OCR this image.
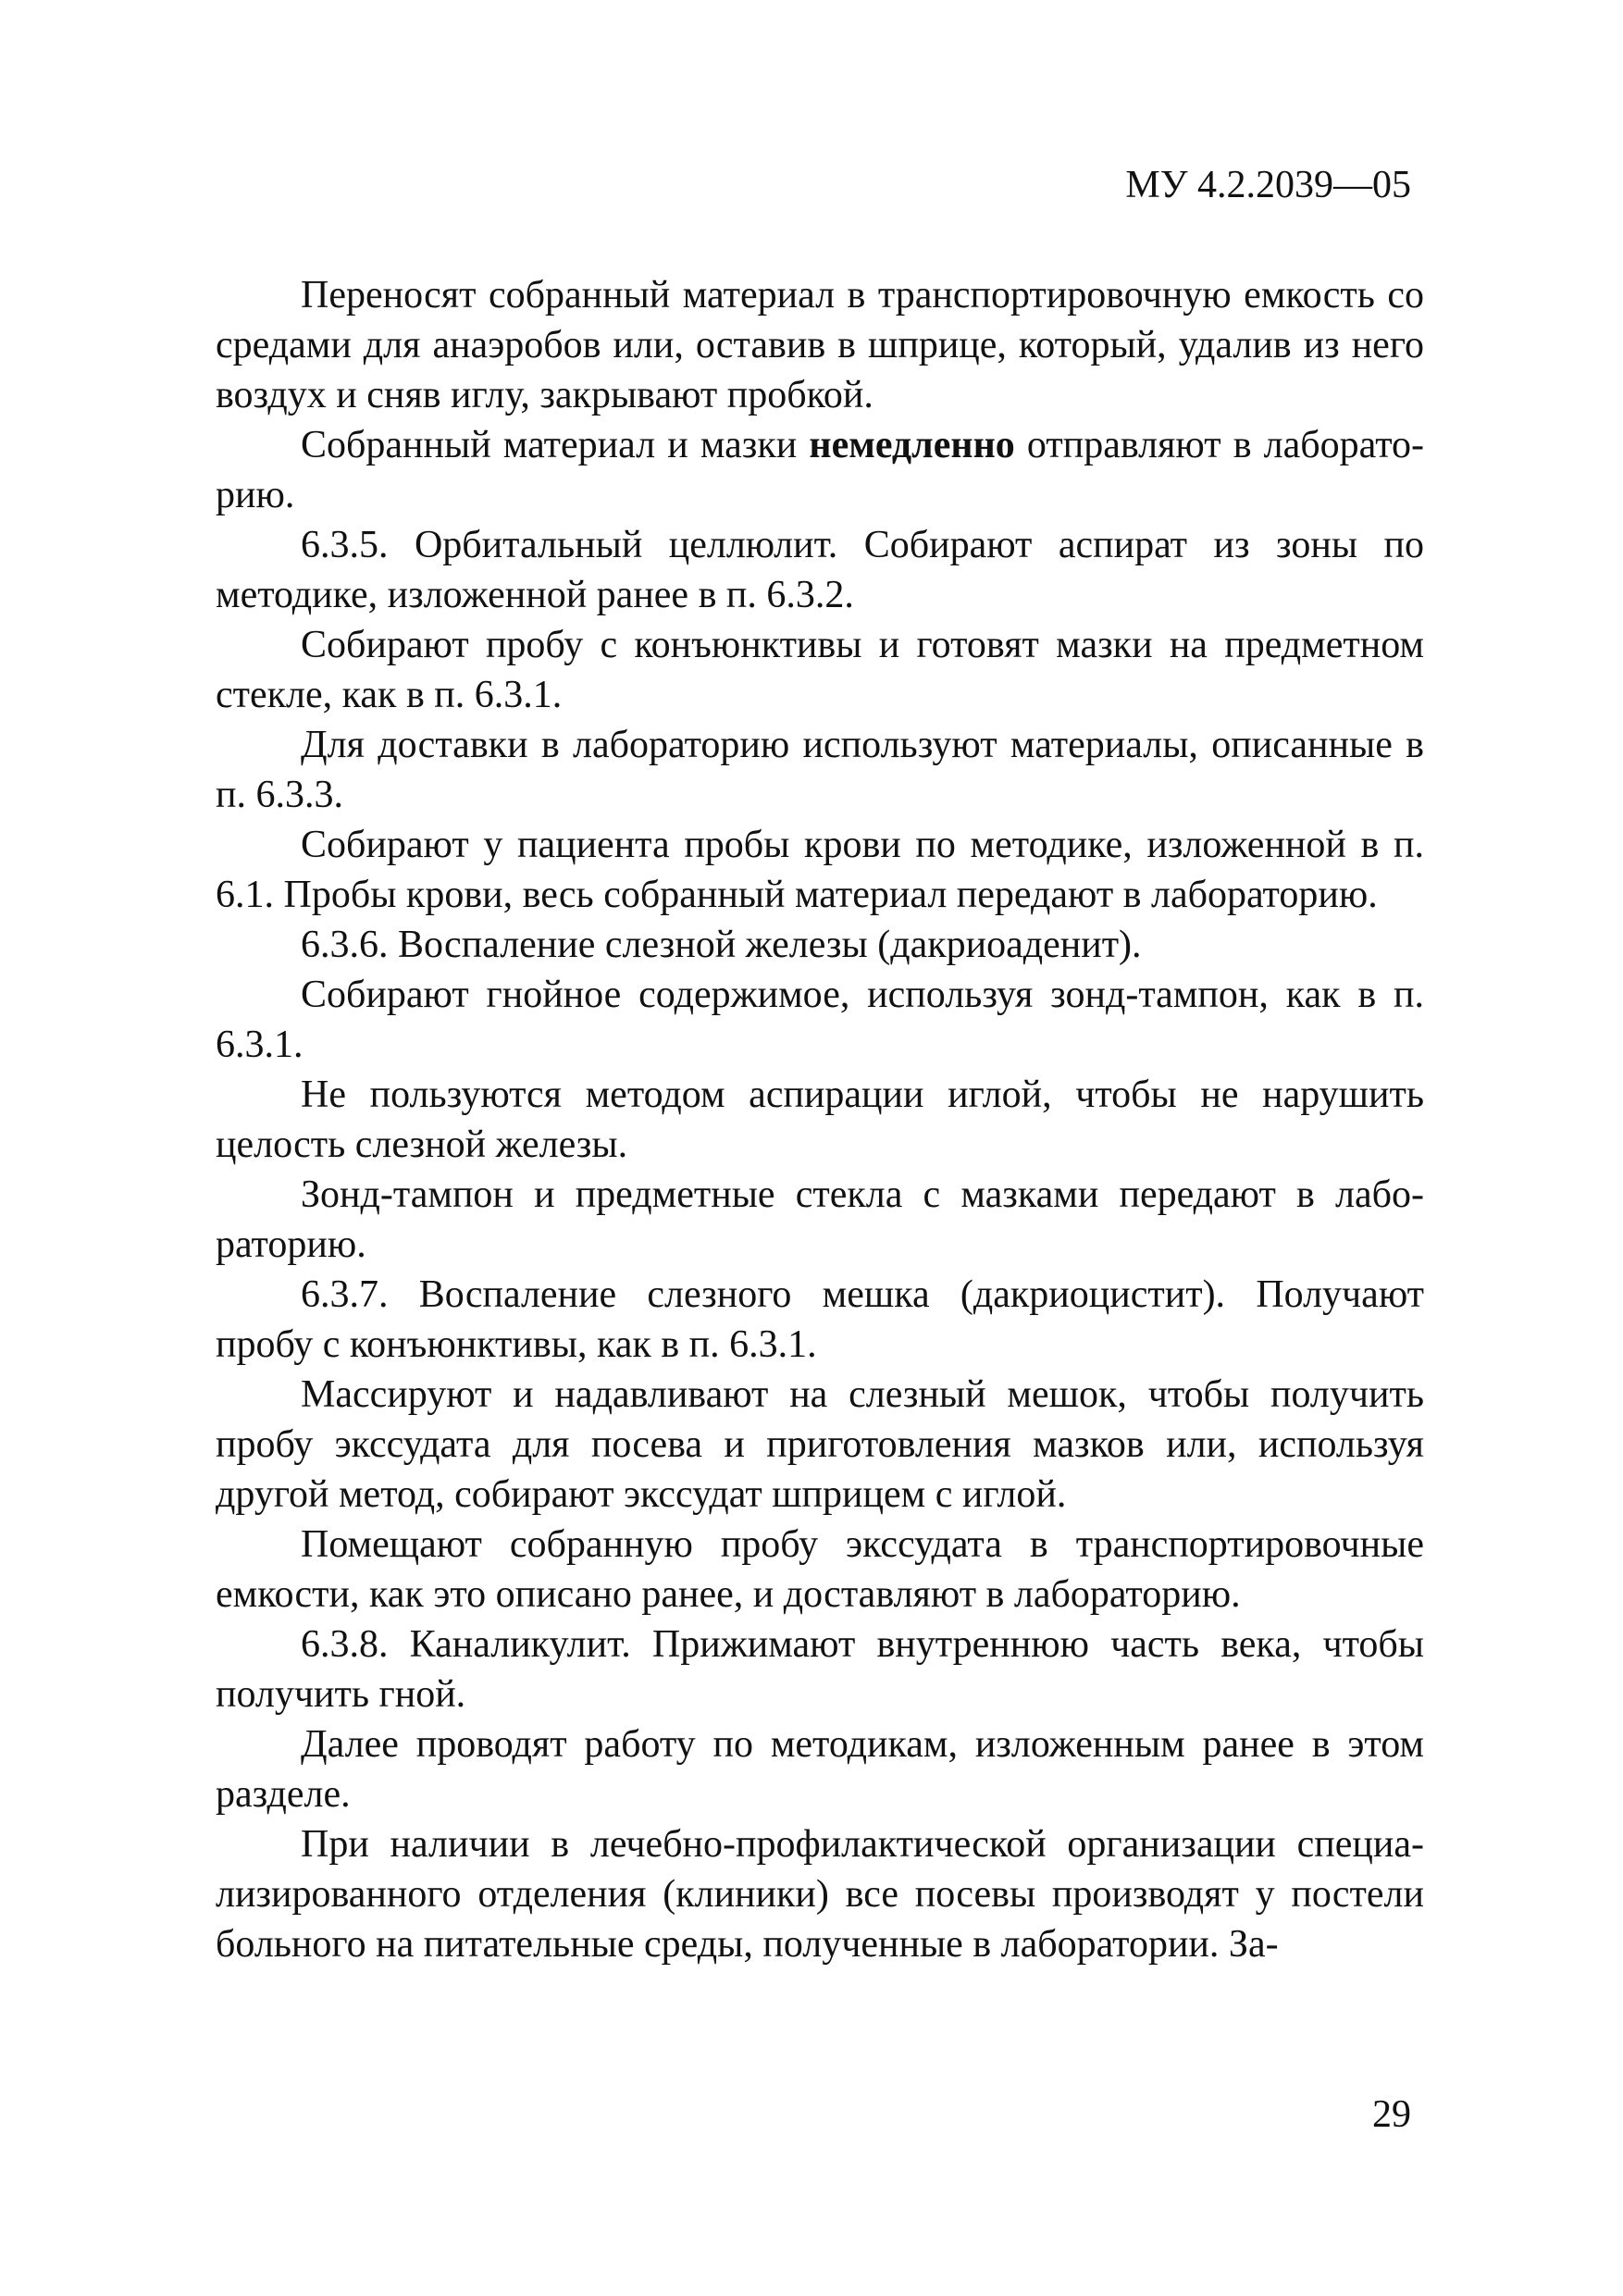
МУ 4.2.2039—05

Переносят собранный материал в транспортировочную емкость со средами для анаэробов или, оставив в шприце, который, удалив из него воздух и сняв иглу, закрывают пробкой.

Собранный материал и мазки немедленно отправляют в лабораторию.

6.3.5. Орбитальный целлюлит. Собирают аспират из зоны по методике, изложенной ранее в п. 6.3.2.

Собирают пробу с конъюнктивы и готовят мазки на предметном стекле, как в п. 6.3.1.

Для доставки в лабораторию используют материалы, описанные в п. 6.3.3.

Собирают у пациента пробы крови по методике, изложенной в п. 6.1. Пробы крови, весь собранный материал передают в лабораторию.

6.3.6. Воспаление слезной железы (дакриоаденит).

Собирают гнойное содержимое, используя зонд-тампон, как в п. 6.3.1.

Не пользуются методом аспирации иглой, чтобы не нарушить целость слезной железы.

Зонд-тампон и предметные стекла с мазками передают в лабораторию.

6.3.7. Воспаление слезного мешка (дакриоцистит). Получают пробу с конъюнктивы, как в п. 6.3.1.

Массируют и надавливают на слезный мешок, чтобы получить пробу экссудата для посева и приготовления мазков или, используя другой метод, собирают экссудат шприцем с иглой.

Помещают собранную пробу экссудата в транспортировочные емкости, как это описано ранее, и доставляют в лабораторию.

6.3.8. Каналикулит. Прижимают внутреннюю часть века, чтобы получить гной.

Далее проводят работу по методикам, изложенным ранее в этом разделе.

При наличии в лечебно-профилактической организации специализированного отделения (клиники) все посевы производят у постели больного на питательные среды, полученные в лаборатории. За-

29
